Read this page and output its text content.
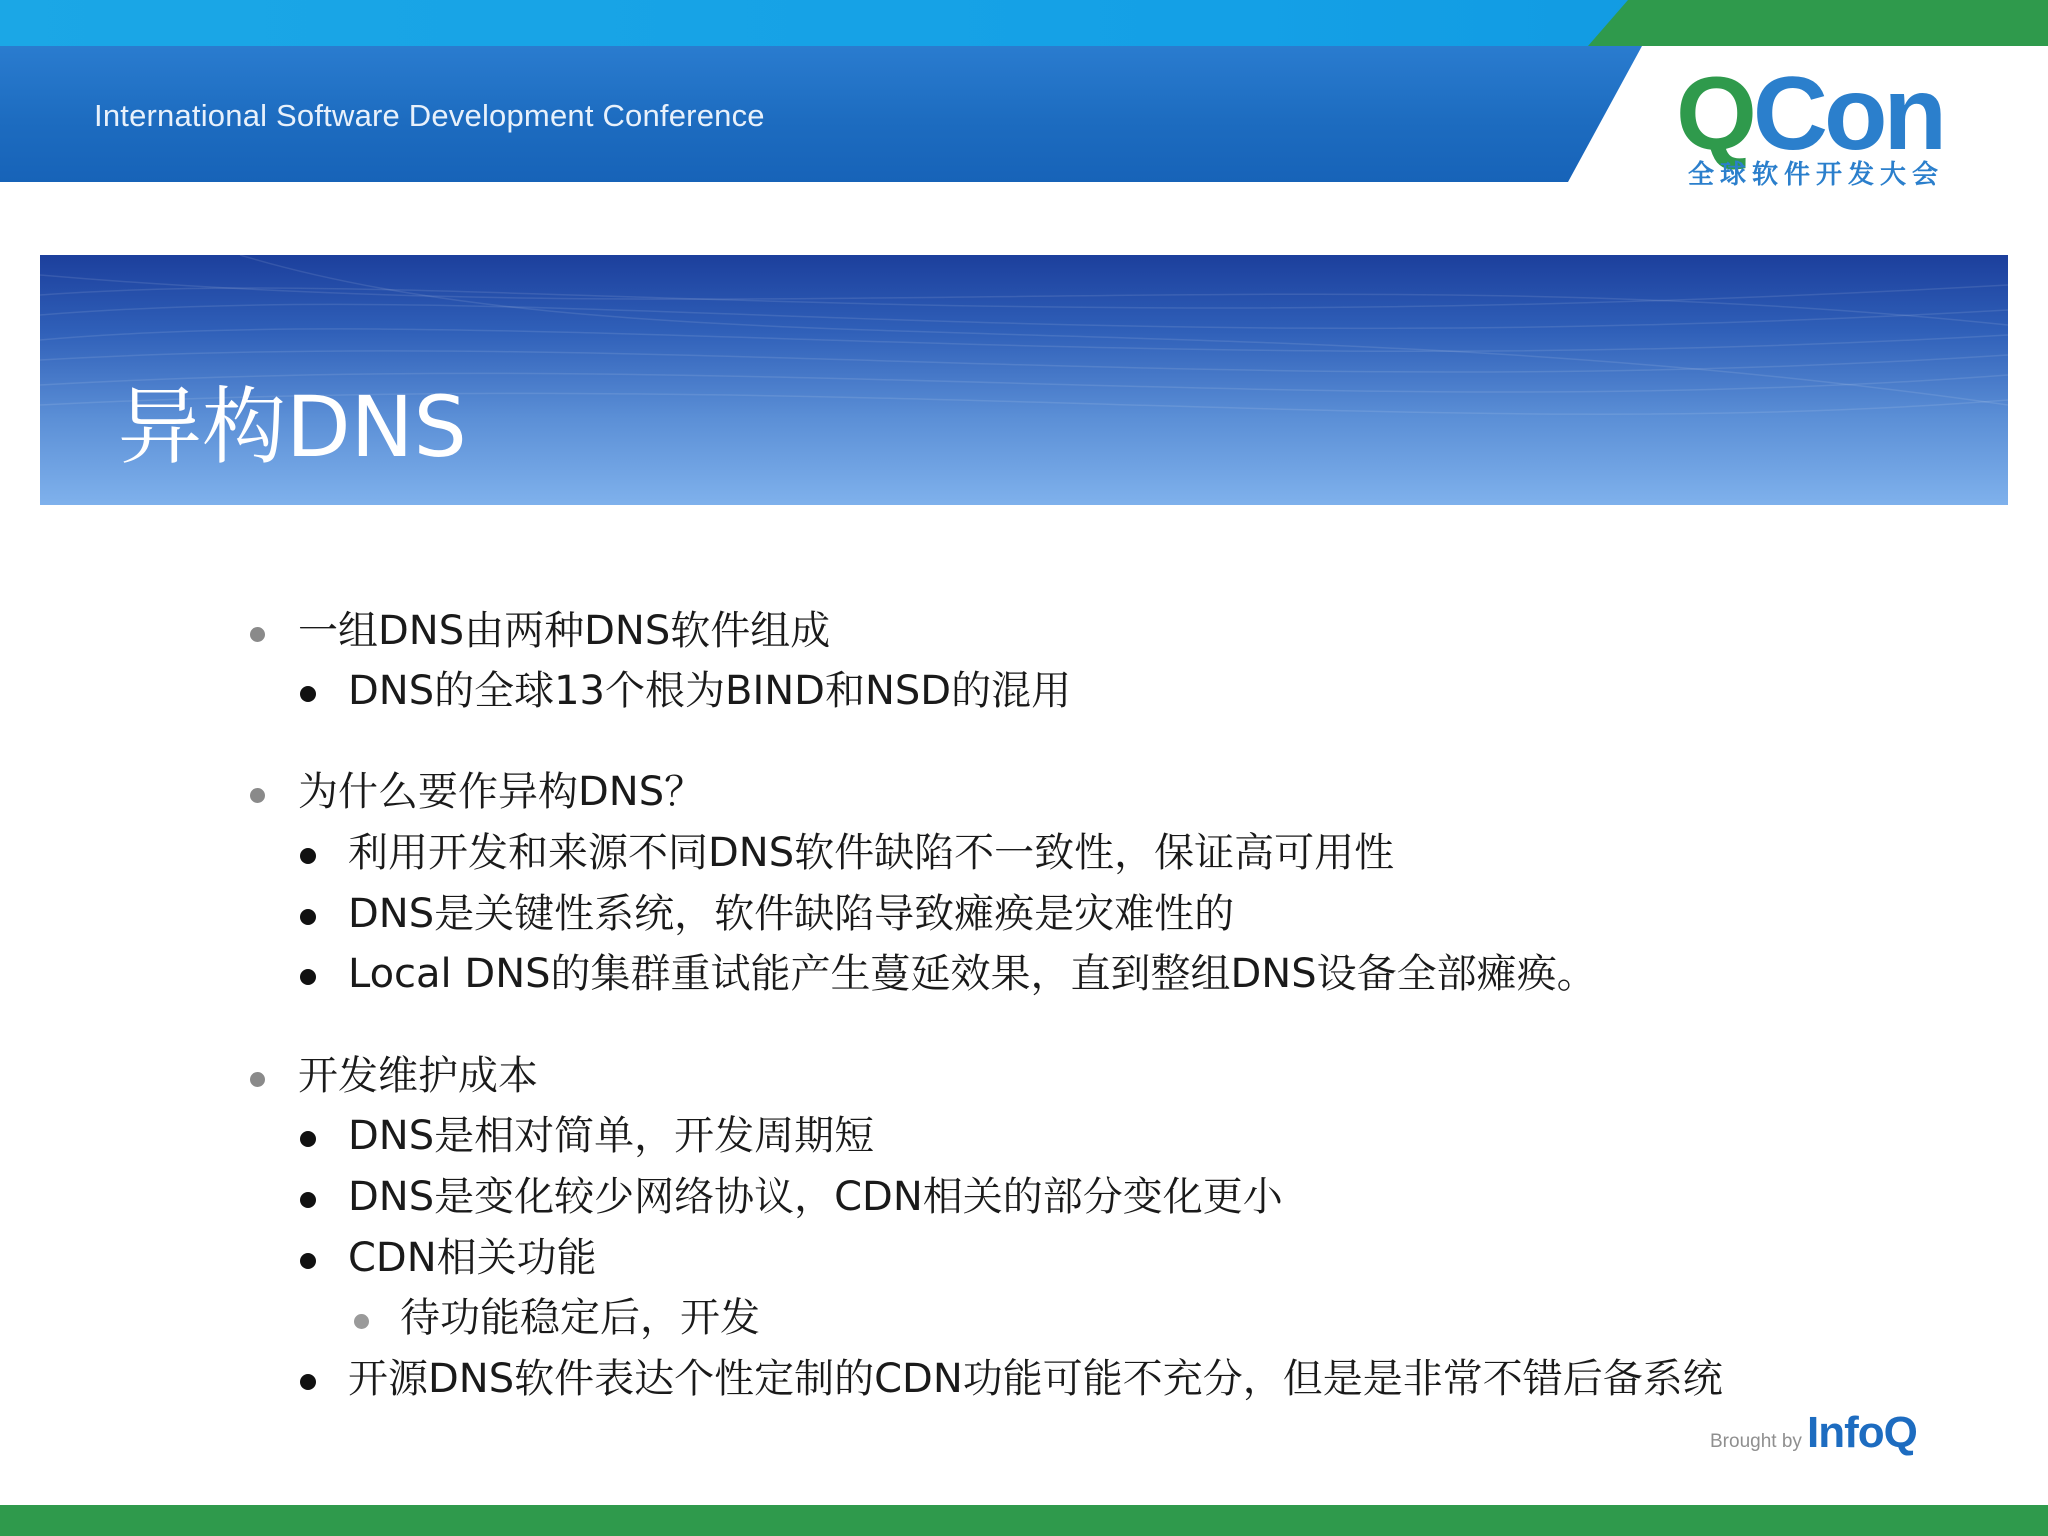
International Software Development Conference	QCon
全球软件开发大会
异构DNS
一组DNS由两种DNS软件组成
DNS的全球13个根为BIND和NSD的混用
为什么要作异构DNS？
利用开发和来源不同DNS软件缺陷不一致性，保证高可用性
DNS是关键性系统，软件缺陷导致瘫痪是灾难性的
Local DNS的集群重试能产生蔓延效果，直到整组DNS设备全部瘫痪。
开发维护成本
DNS是相对简单，开发周期短
DNS是变化较少网络协议，CDN相关的部分变化更小
CDN相关功能
待功能稳定后，开发
开源DNS软件表达个性定制的CDN功能可能不充分，但是是非常不错后备系统
Brought by InfoQ
